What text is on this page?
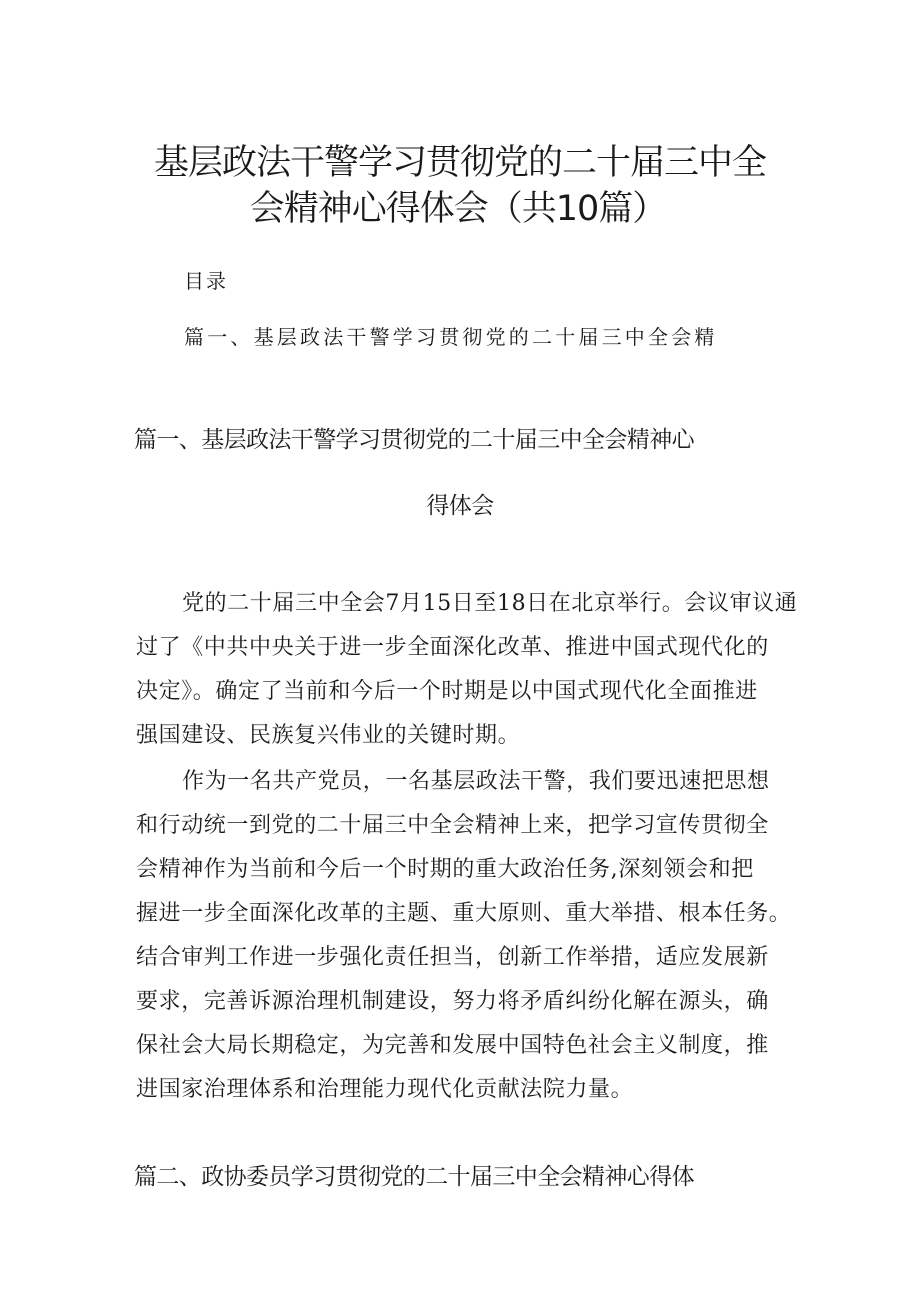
基层政法干警学习贯彻党的二十届三中全
会精神心得体会（共10篇）
目录
篇一、基层政法干警学习贯彻党的二十届三中全会精
篇一、基层政法干警学习贯彻党的二十届三中全会精神心
得体会
党的二十届三中全会7月15日至18日在北京举行。会议审议通
过了《中共中央关于进一步全面深化改革、推进中国式现代化的
决定》。确定了当前和今后一个时期是以中国式现代化全面推进
强国建设、民族复兴伟业的关键时期。
作为一名共产党员，一名基层政法干警，我们要迅速把思想
和行动统一到党的二十届三中全会精神上来，把学习宣传贯彻全
会精神作为当前和今后一个时期的重大政治任务,深刻领会和把
握进一步全面深化改革的主题、重大原则、重大举措、根本任务。
结合审判工作进一步强化责任担当，创新工作举措，适应发展新
要求，完善诉源治理机制建设，努力将矛盾纠纷化解在源头，确
保社会大局长期稳定，为完善和发展中国特色社会主义制度，推
进国家治理体系和治理能力现代化贡献法院力量。
篇二、政协委员学习贯彻党的二十届三中全会精神心得体
